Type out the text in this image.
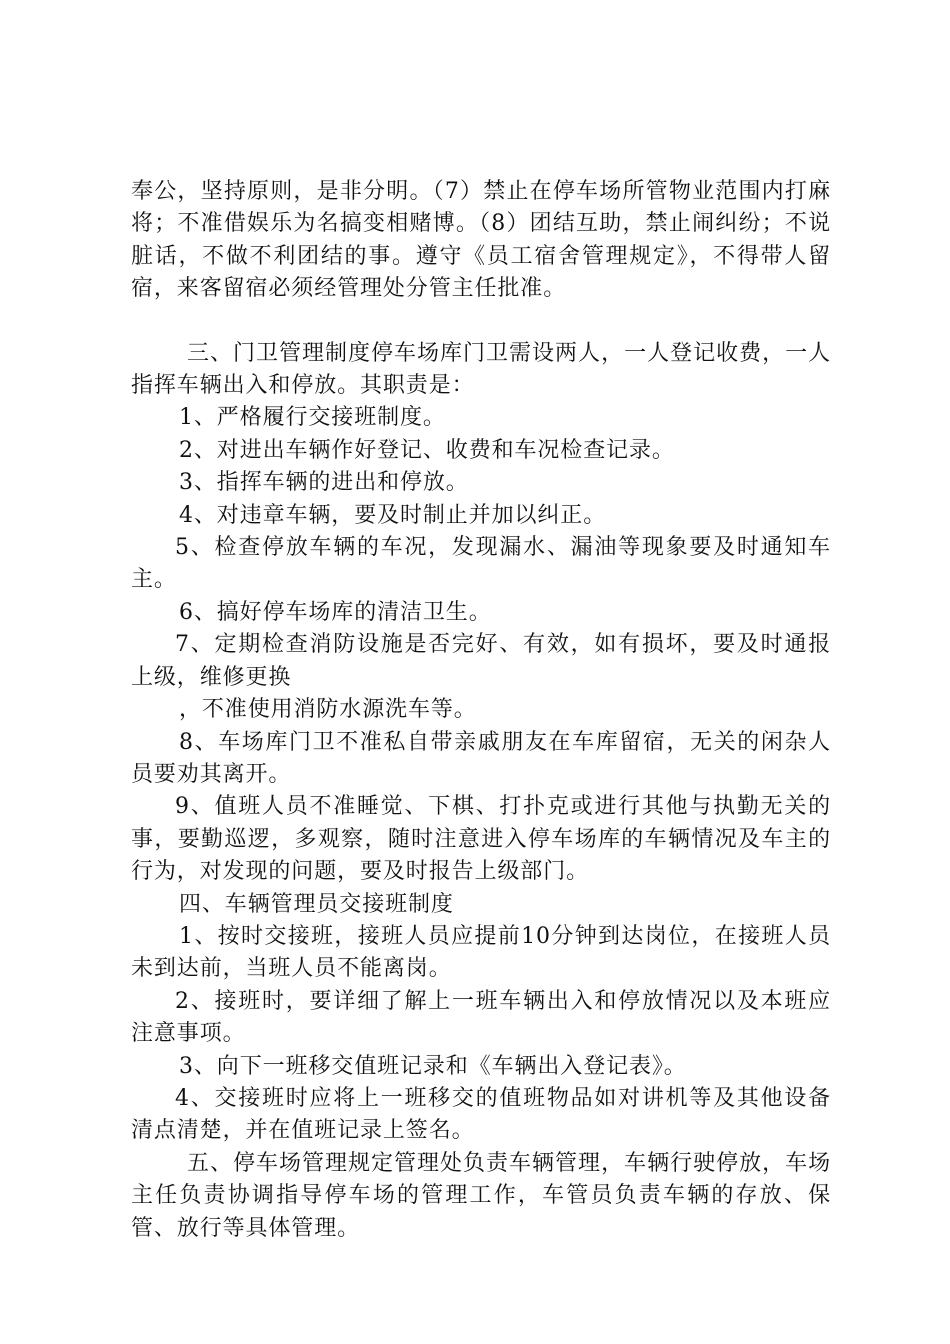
奉公，坚持原则，是非分明。（7）禁止在停车场所管物业范围内打麻将；不准借娱乐为名搞变相赌博。（8）团结互助，禁止闹纠纷；不说脏话，不做不利团结的事。遵守《员工宿舍管理规定》，不得带人留宿，来客留宿必须经管理处分管主任批准。

三、门卫管理制度停车场库门卫需设两人，一人登记收费，一人指挥车辆出入和停放。其职责是：

1、严格履行交接班制度。

2、对进出车辆作好登记、收费和车况检查记录。

3、指挥车辆的进出和停放。

4、对违章车辆，要及时制止并加以纠正。

5、检查停放车辆的车况，发现漏水、漏油等现象要及时通知车主。

6、搞好停车场库的清洁卫生。

7、定期检查消防设施是否完好、有效，如有损坏，要及时通报上级，维修更换

，不准使用消防水源洗车等。

8、车场库门卫不准私自带亲戚朋友在车库留宿，无关的闲杂人员要劝其离开。

9、值班人员不准睡觉、下棋、打扑克或进行其他与执勤无关的事，要勤巡逻，多观察，随时注意进入停车场库的车辆情况及车主的行为，对发现的问题，要及时报告上级部门。

四、车辆管理员交接班制度

1、按时交接班，接班人员应提前10分钟到达岗位，在接班人员未到达前，当班人员不能离岗。

2、接班时，要详细了解上一班车辆出入和停放情况以及本班应注意事项。

3、向下一班移交值班记录和《车辆出入登记表》。

4、交接班时应将上一班移交的值班物品如对讲机等及其他设备清点清楚，并在值班记录上签名。

五、停车场管理规定管理处负责车辆管理，车辆行驶停放，车场主任负责协调指导停车场的管理工作，车管员负责车辆的存放、保管、放行等具体管理。
